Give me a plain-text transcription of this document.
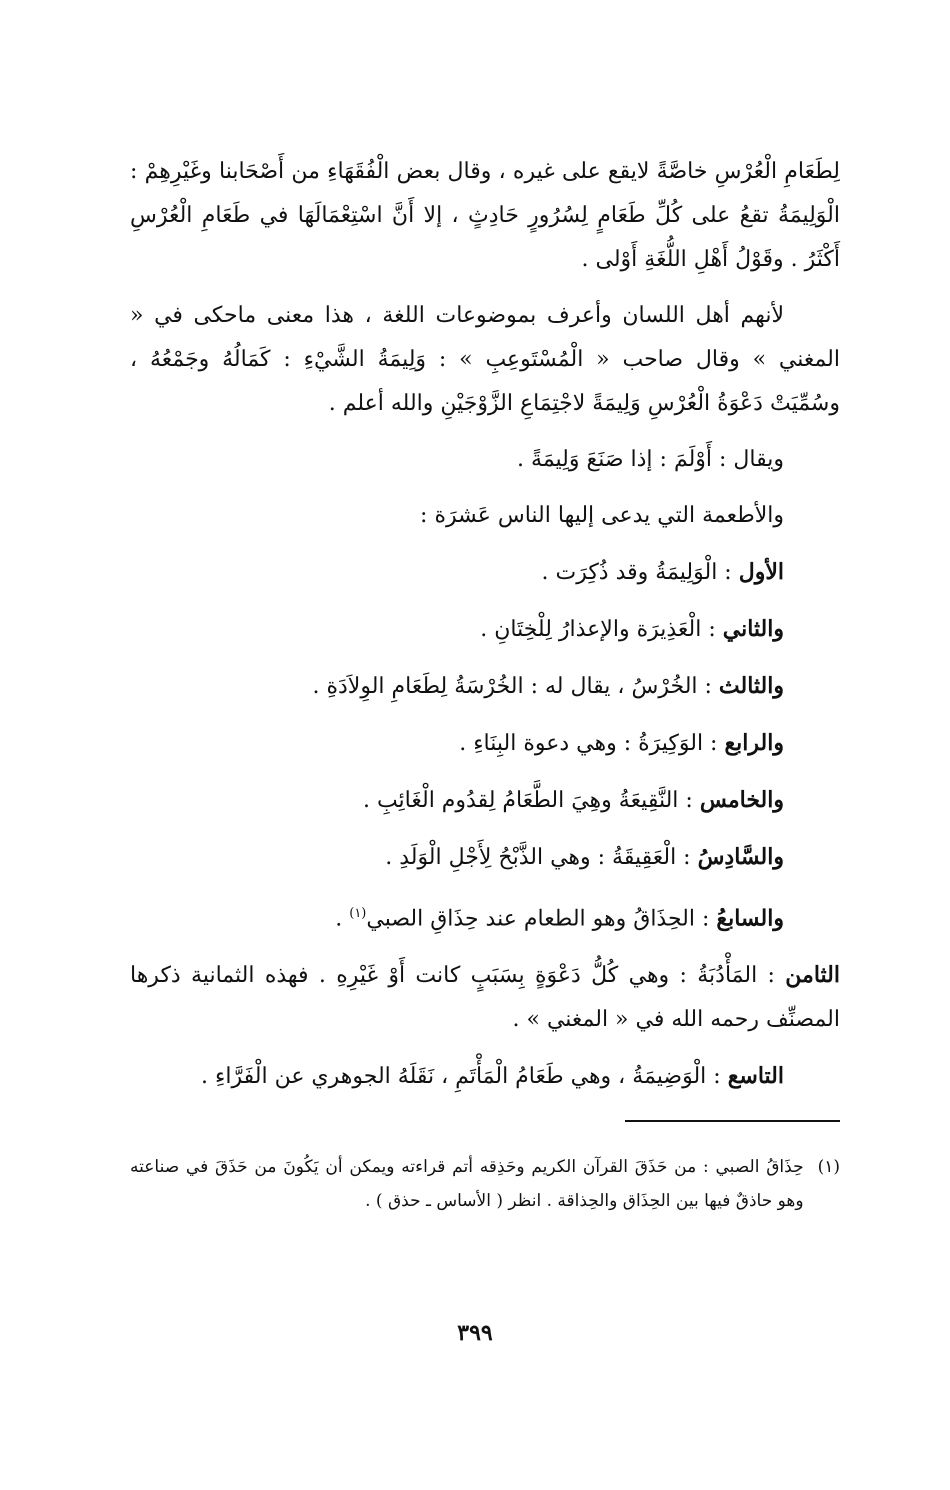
لِطَعَامِ الْعُرْسِ خاصَّةً لايقع على غيره ، وقال بعض الْفُقَهَاءِ من أَصْحَابنا وغَيْرِهِمْ : الْوَلِيمَةُ تقعُ على كُلِّ طَعَامٍ لِسُرُورٍ حَادِثٍ ، إلا أَنَّ اسْتِعْمَالَهَا في طَعَامِ الْعُرْسِ أَكْثَرُ . وقَوْلُ أَهْلِ اللُّغَةِ أَوْلى .

لأنهم أهل اللسان وأعرف بموضوعات اللغة ، هذا معنى ماحكى في « المغني » وقال صاحب « الْمُسْتَوعِبِ » : وَلِيمَةُ الشَّيْءِ : كَمَالُهُ وجَمْعُهُ ، وسُمِّيَتْ دَعْوَةُ الْعُرْسِ وَلِيمَةً لاجْتِمَاعِ الزَّوْجَيْنِ والله أعلم .

ويقال : أَوْلَمَ : إذا صَنَعَ وَلِيمَةً .

والأطعمة التي يدعى إليها الناس عَشرَة :

الأول : الْوَلِيمَةُ وقد ذُكِرَت .

والثاني : الْعَذِيرَة والإعذارُ لِلْخِتَانِ .

والثالث : الخُرْسُ ، يقال له : الخُرْسَةُ لِطَعَامِ الوِلاَدَةِ .

والرابع : الوَكِيرَةُ : وهي دعوة البِنَاءِ .

والخامس : النَّقِيعَةُ وهِيَ الطَّعَامُ لِقدُوم الْغَائِبِ .

والسَّادِسُ : الْعَقِيقَةُ : وهي الذَّبْحُ لِأَجْلِ الْوَلَدِ .

والسابعُ : الحِذَاقُ وهو الطعام عند حِذَاقِ الصبي$^{(١)}$ .

الثامن : المَأْدُبَةُ : وهي كُلُّ دَعْوَةٍ بِسَبَبٍ كانت أَوْ غَيْرِهِ . فهذه الثمانية ذكرها المصنِّف رحمه الله في « المغني » .

التاسع : الْوَضِيمَةُ ، وهي طَعَامُ الْمَأْتَمِ ، نَقَلَهُ الجوهري عن الْفَرَّاءِ .

(١)
حِذَاقُ الصبي : من حَذَقَ القرآن الكريم وحَذِقه أتم قراءته ويمكن أن يَكُونَ من حَذَقَ في صناعته وهو حاذقٌ فيها بين الحِذَاق والحِذاقة . انظر ( الأساس ـ حذق ) .
٣٩٩
